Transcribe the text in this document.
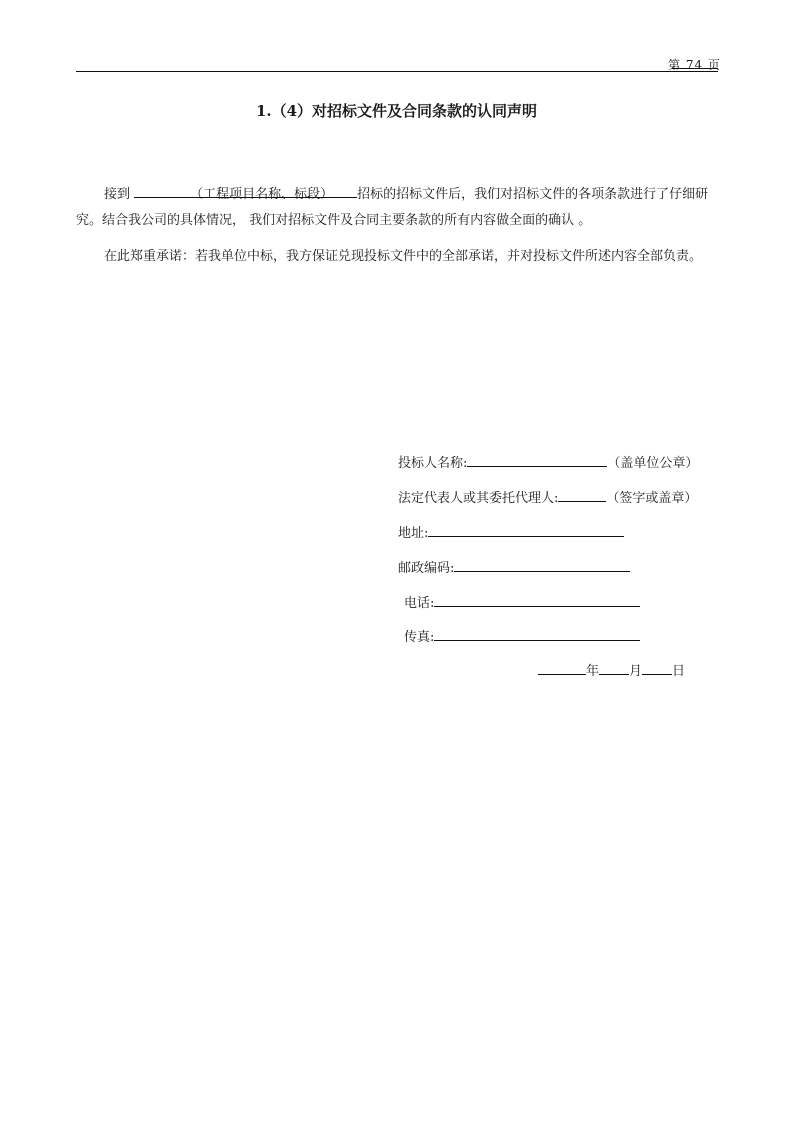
第 74 页
1.（4）对招标文件及合同条款的认同声明
接到	（工程项目名称、标段） 招标的招标文件后，我们对招标文件的各项条款进行了仔细研究。结合我公司的具体情况， 我们对招标文件及合同主要条款的所有内容做全面的确认 。
在此郑重承诺：若我单位中标，我方保证兑现投标文件中的全部承诺，并对投标文件所述内容全部负责。
投标人名称:	（盖单位公章）
法定代表人或其委托代理人:	（签字或盖章）
地址:
邮政编码:
电话:
传真:
年 月 日
